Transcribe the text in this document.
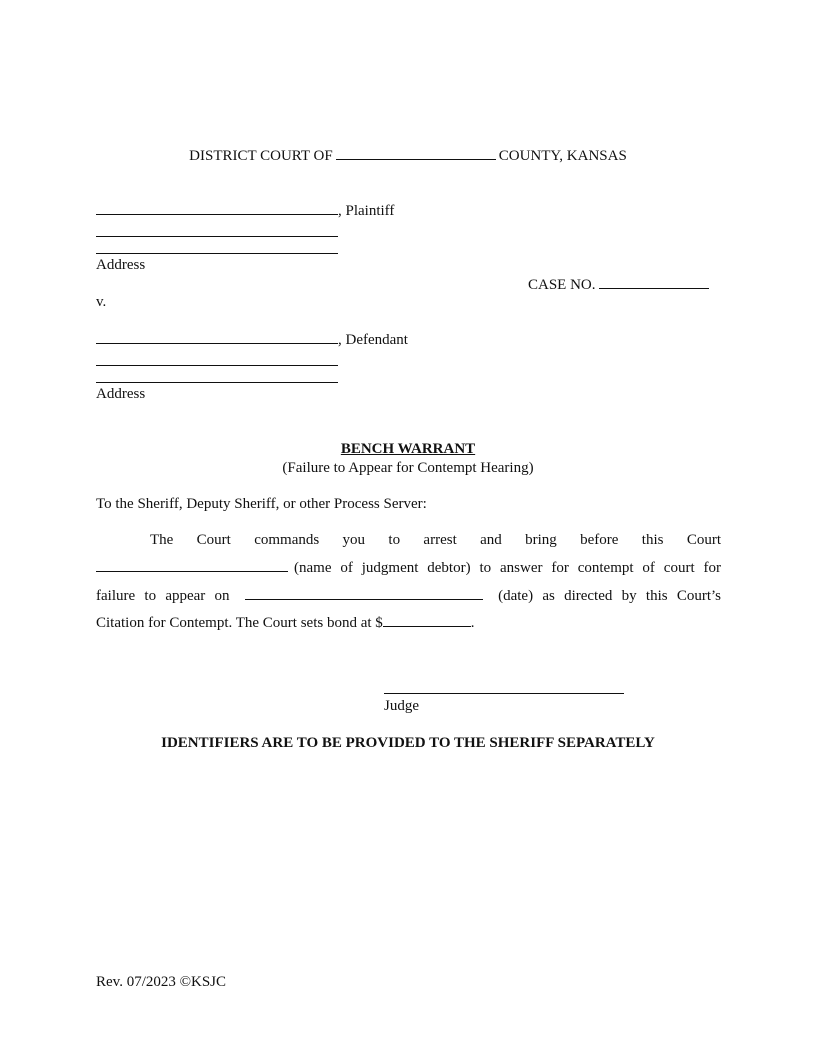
DISTRICT COURT OF	COUNTY, KANSAS
, Plaintiff
Address
CASE NO.
v.
, Defendant
Address
BENCH WARRANT
(Failure to Appear for Contempt Hearing)
To the Sheriff, Deputy Sheriff, or other Process Server:
The Court commands you to arrest and bring before this Court
(name of judgment debtor) to answer for contempt of court for
failure to appear on	(date) as directed by this Court’s
Citation for Contempt. The Court sets bond at $	.
Judge
IDENTIFIERS ARE TO BE PROVIDED TO THE SHERIFF SEPARATELY
Rev. 07/2023 ©KSJC
